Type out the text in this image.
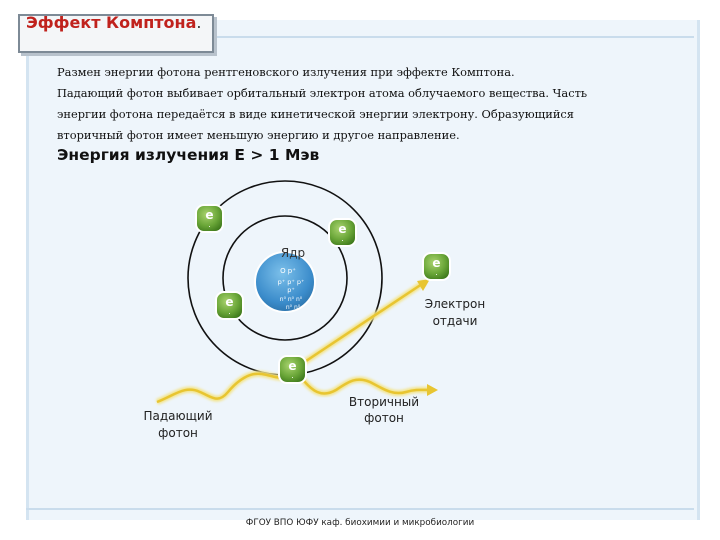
Эффект Комптона.

Размен энергии фотона рентгеновского излучения при эффекте Комптона.

Падающий фотон выбивает орбитальный электрон атома облучаемого вещества. Часть

энергии фотона передаётся в виде кинетической энергии электрону. Образующийся

вторичный фотон имеет меньшую энергию и другое направление.

Энергия излучения E > 1 Мэв
Ядр
O p⁺
p⁺ p⁺ p⁺
p⁺
n⁰ n⁰ n⁰
n⁰ n⁰
e
.	e
.
e
.
e
.
e
.
Электрон
отдачи
Падающий
фотон
Вторичный
фотон
ФГОУ ВПО ЮФУ каф. биохимии и микробиологии
